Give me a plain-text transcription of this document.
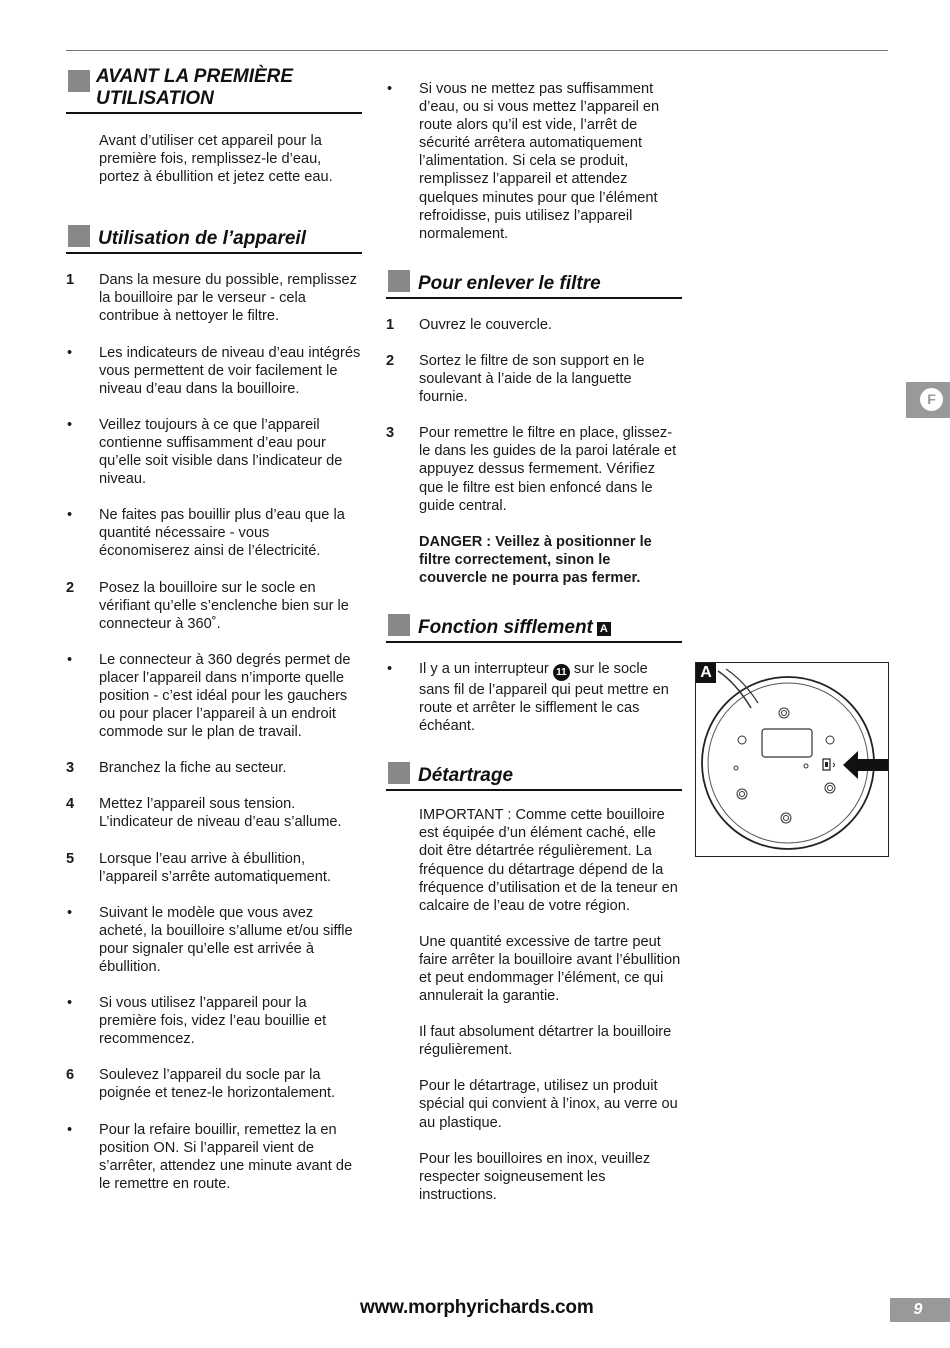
AVANT LA PREMIÈRE
UTILISATION
Avant d’utiliser cet appareil pour la première fois, remplissez-le d’eau, portez à ébullition et jetez cette eau.
Utilisation de l’appareil
1	Dans la mesure du possible, remplissez la bouilloire par le verseur - cela contribue à nettoyer le filtre.
•	Les indicateurs de niveau d’eau intégrés vous permettent de voir facilement le niveau d’eau dans la bouilloire.
•	Veillez toujours à ce que l’appareil contienne suffisamment d’eau pour qu’elle soit visible dans l’indicateur de niveau.
•	Ne faites pas bouillir plus d’eau que la quantité nécessaire - vous économiserez ainsi de l’électricité.
2	Posez la bouilloire sur le socle en vérifiant qu’elle s’enclenche bien sur le connecteur à 360˚.
•	Le connecteur à 360 degrés permet de placer l’appareil dans n’importe quelle position - c’est idéal pour les gauchers ou pour placer l’appareil à un endroit commode sur le plan de travail.
3	Branchez la fiche au secteur.
4	Mettez l’appareil sous tension. L’indicateur de niveau d’eau s’allume.
5	Lorsque l’eau arrive à ébullition, l’appareil s’arrête automatiquement.
•	Suivant le modèle que vous avez acheté, la bouilloire s’allume et/ou siffle pour signaler qu’elle est arrivée à ébullition.
•	Si vous utilisez l’appareil pour la première fois, videz l’eau bouillie et recommencez.
6	Soulevez l’appareil du socle par la poignée et tenez-le horizontalement.
•	Pour la refaire bouillir, remettez la en position ON. Si l’appareil vient de s’arrêter, attendez une minute avant de le remettre en route.
•	Si vous ne mettez pas suffisamment d’eau, ou si vous mettez l’appareil en route alors qu’il est vide, l’arrêt de sécurité arrêtera automatiquement l’alimentation. Si cela se produit, remplissez l’appareil et attendez quelques minutes pour que l’élément refroidisse, puis utilisez l’appareil normalement.
Pour enlever le filtre
1	Ouvrez le couvercle.
2	Sortez le filtre de son support en le soulevant à l’aide de la languette fournie.
3	Pour remettre le filtre en place, glissez-le dans les guides de la paroi latérale et appuyez dessus fermement. Vérifiez que le filtre est bien enfoncé dans le guide central.
DANGER : Veillez à positionner le filtre correctement, sinon le couvercle ne pourra pas fermer.
Fonction sifflement A
•	Il y a un interrupteur 11 sur le socle sans fil de l’appareil qui peut mettre en route et arrêter le sifflement le cas échéant.
Détartrage
IMPORTANT : Comme cette bouilloire est équipée d’un élément caché, elle doit être détartrée régulièrement. La fréquence du détartrage dépend de la fréquence d’utilisation et de la teneur en calcaire de l’eau de votre région.
Une quantité excessive de tartre peut faire arrêter la bouilloire avant l’ébullition et peut endommager l’élément, ce qui annulerait la garantie.
Il faut absolument détartrer la bouilloire régulièrement.
Pour le détartrage, utilisez un produit spécial qui convient à l’inox, au verre ou au plastique.
Pour les bouilloires en inox, veuillez respecter soigneusement les instructions.
A
F
www.morphyrichards.com	9
